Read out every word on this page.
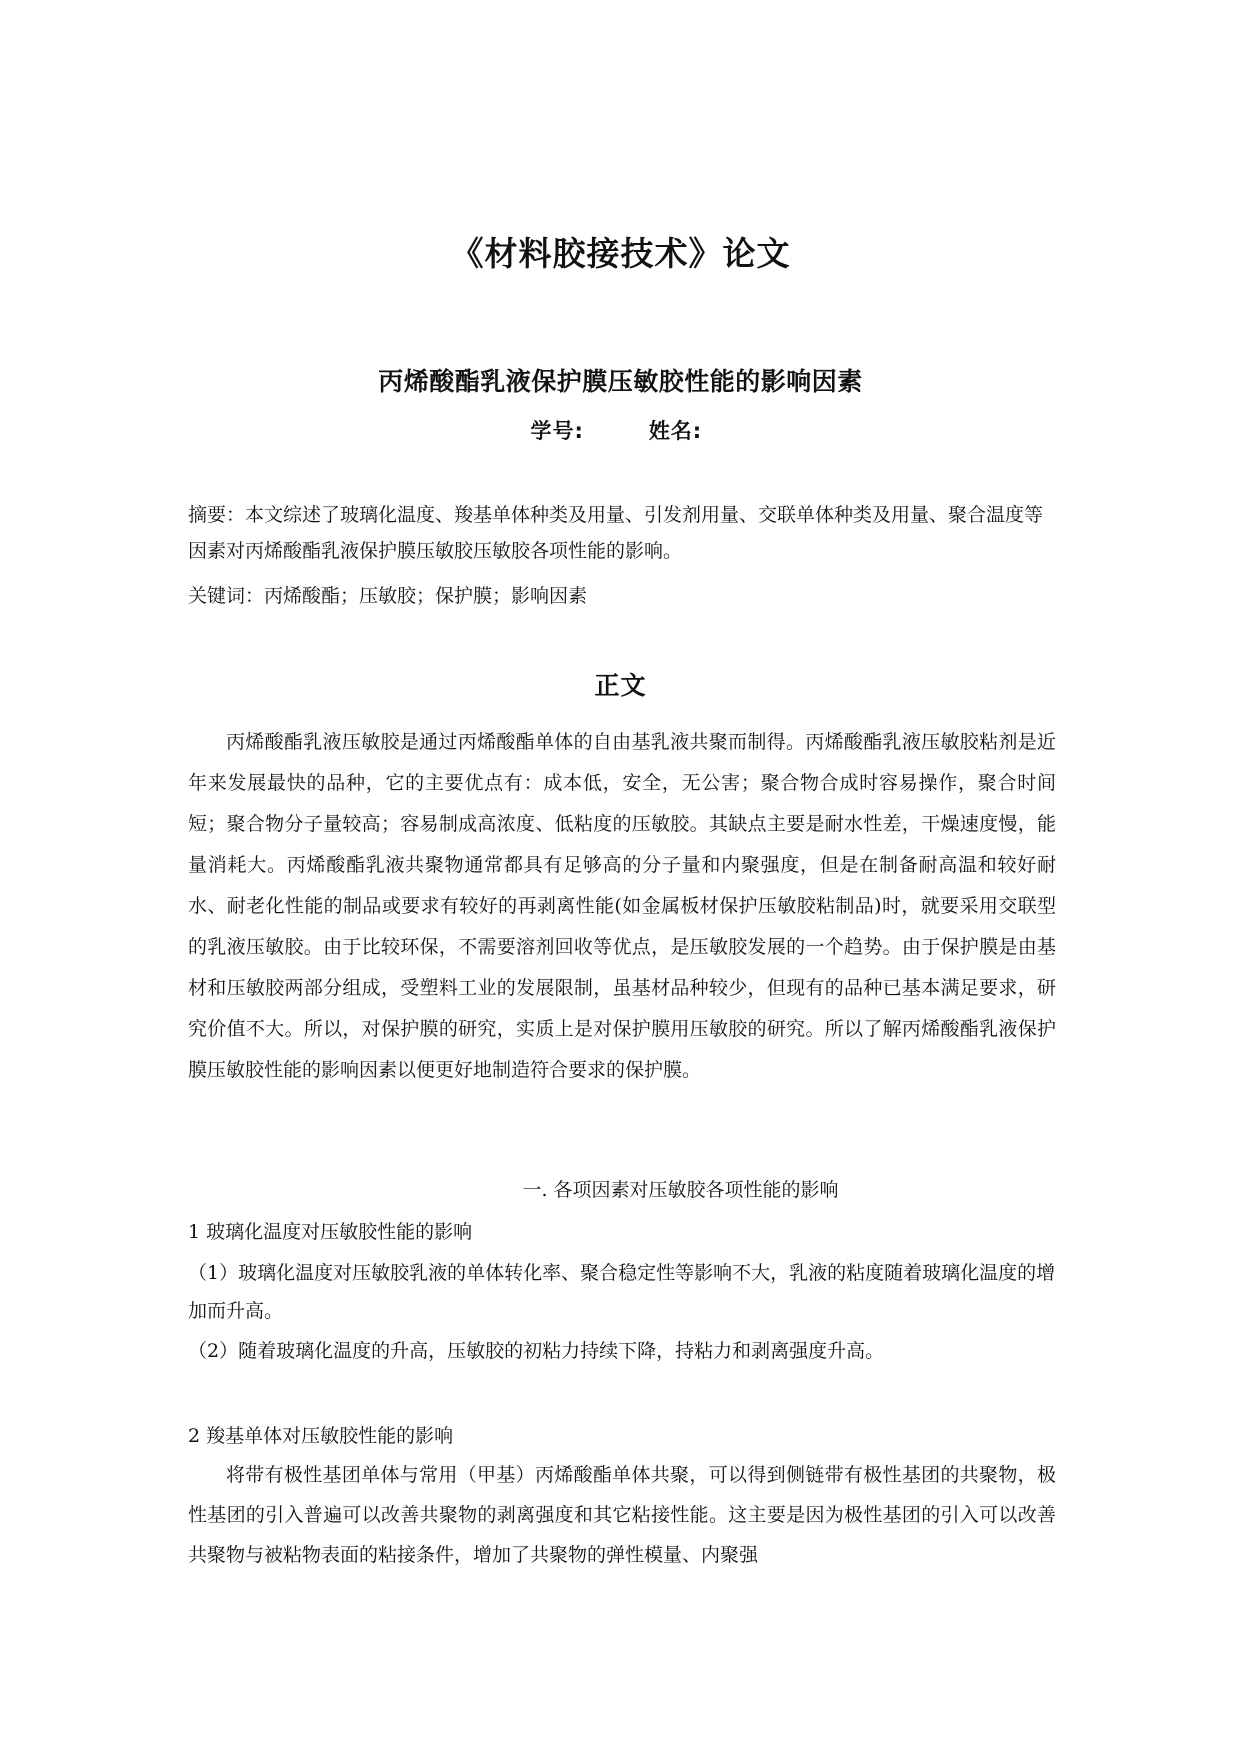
《材料胶接技术》论文
丙烯酸酯乳液保护膜压敏胶性能的影响因素
学号:	姓名:
摘要：本文综述了玻璃化温度、羧基单体种类及用量、引发剂用量、交联单体种类及用量、聚合温度等因素对丙烯酸酯乳液保护膜压敏胶压敏胶各项性能的影响。
关键词：丙烯酸酯；压敏胶；保护膜；影响因素
正文
丙烯酸酯乳液压敏胶是通过丙烯酸酯单体的自由基乳液共聚而制得。丙烯酸酯乳液压敏胶粘剂是近年来发展最快的品种，它的主要优点有：成本低，安全，无公害；聚合物合成时容易操作，聚合时间短；聚合物分子量较高；容易制成高浓度、低粘度的压敏胶。其缺点主要是耐水性差，干燥速度慢，能量消耗大。丙烯酸酯乳液共聚物通常都具有足够高的分子量和内聚强度，但是在制备耐高温和较好耐水、耐老化性能的制品或要求有较好的再剥离性能(如金属板材保护压敏胶粘制品)时，就要采用交联型的乳液压敏胶。由于比较环保，不需要溶剂回收等优点，是压敏胶发展的一个趋势。由于保护膜是由基材和压敏胶两部分组成，受塑料工业的发展限制，虽基材品种较少，但现有的品种已基本满足要求，研究价值不大。所以，对保护膜的研究，实质上是对保护膜用压敏胶的研究。所以了解丙烯酸酯乳液保护膜压敏胶性能的影响因素以便更好地制造符合要求的保护膜。
一. 各项因素对压敏胶各项性能的影响
1 玻璃化温度对压敏胶性能的影响
（1）玻璃化温度对压敏胶乳液的单体转化率、聚合稳定性等影响不大，乳液的粘度随着玻璃化温度的增加而升高。
（2）随着玻璃化温度的升高，压敏胶的初粘力持续下降，持粘力和剥离强度升高。
2 羧基单体对压敏胶性能的影响
将带有极性基团单体与常用（甲基）丙烯酸酯单体共聚，可以得到侧链带有极性基团的共聚物，极性基团的引入普遍可以改善共聚物的剥离强度和其它粘接性能。这主要是因为极性基团的引入可以改善共聚物与被粘物表面的粘接条件，增加了共聚物的弹性模量、内聚强
